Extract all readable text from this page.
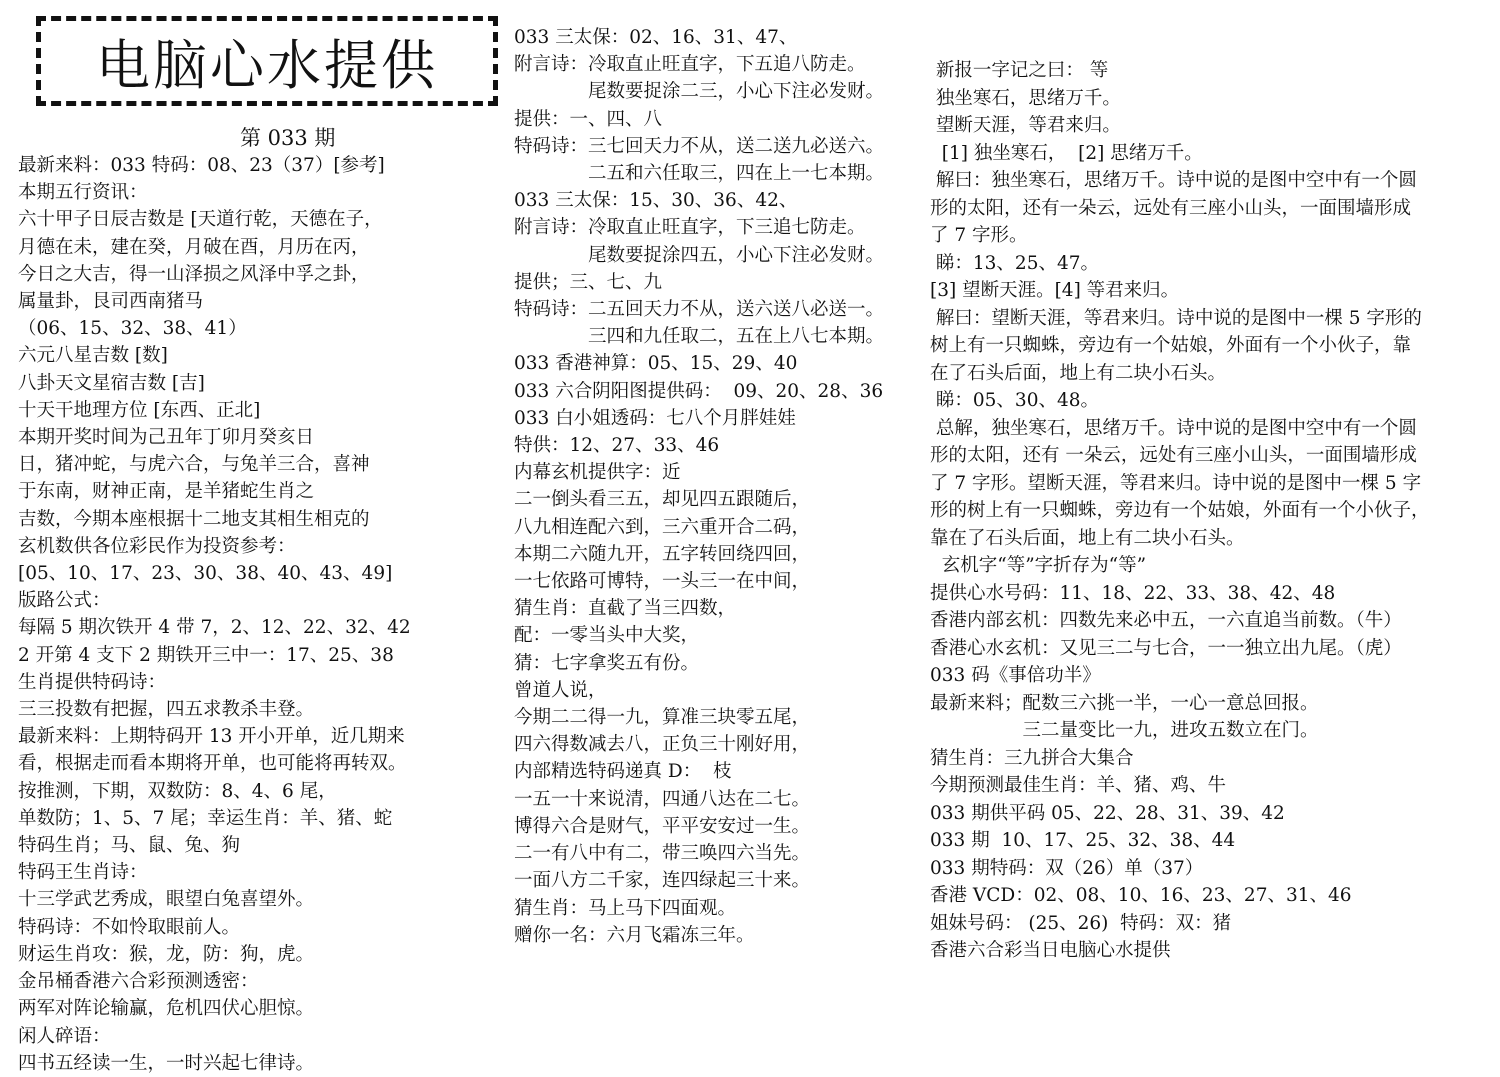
电脑心水提供
第 033 期
最新来料：033 特码：08、23（37）[参考]
本期五行资讯：
六十甲子日辰吉数是 [天道行乾，天德在子，
月德在未，建在癸，月破在酉，月历在丙，
今日之大吉，得一山泽损之风泽中孚之卦，
属量卦，艮司西南猪马
（06、15、32、38、41）
六元八星吉数 [数]
八卦天文星宿吉数 [吉]
十天干地理方位 [东西、正北]
本期开奖时间为己丑年丁卯月癸亥日
日，猪冲蛇，与虎六合，与兔羊三合，喜神
于东南，财神正南，是羊猪蛇生肖之
吉数，今期本座根据十二地支其相生相克的
玄机数供各位彩民作为投资参考：
[05、10、17、23、30、38、40、43、49]
版路公式：
每隔 5 期次铁开 4 带 7，2、12、22、32、42
2 开第 4 支下 2 期铁开三中一：17、25、38
生肖提供特码诗：
三三投数有把握，四五求教杀丰登。
最新来料：上期特码开 13 开小开单，近几期来
看，根据走而看本期将开单，也可能将再转双。
按推测，下期，双数防：8、4、6 尾，
单数防；1、5、7 尾；幸运生肖：羊、猪、蛇
特码生肖；马、鼠、兔、狗
特码王生肖诗：
十三学武艺秀成，眼望白兔喜望外。
特码诗：不如怜取眼前人。
财运生肖攻：猴，龙，防：狗，虎。
金吊桶香港六合彩预测透密：
两军对阵论输赢，危机四伏心胆惊。
闲人碎语：
四书五经读一生，一时兴起七律诗。
033 三太保：02、16、31、47、
附言诗：冷取直止旺直字，下五追八防走。
　　　　尾数要捉涂二三，小心下注必发财。
提供：一、四、八
特码诗：三七回天力不从，送二送九必送六。
　　　　二五和六任取三，四在上一七本期。
033 三太保：15、30、36、42、
附言诗：冷取直止旺直字，下三追七防走。
　　　　尾数要捉涂四五，小心下注必发财。
提供；三、七、九
特码诗：二五回天力不从，送六送八必送一。
　　　　三四和九任取二，五在上八七本期。
033 香港神算：05、15、29、40
033 六合阴阳图提供码：  09、20、28、36
033 白小姐透码：七八个月胖娃娃
特供：12、27、33、46
内幕玄机提供字：近
二一倒头看三五，却见四五跟随后，
八九相连配六到，三六重开合二码，
本期二六随九开，五字转回绕四回，
一七依路可博特，一头三一在中间，
猜生肖：直截了当三四数，
配：一零当头中大奖，
猜：七字拿奖五有份。
曾道人说，
今期二二得一九，算准三块零五尾，
四六得数减去八，正负三十刚好用，
内部精选特码递真 D：  枝
一五一十来说清，四通八达在二七。
博得六合是财气，平平安安过一生。
二一有八中有二，带三唤四六当先。
一面八方二千家，连四绿起三十来。
猜生肖：马上马下四面观。
赠你一名：六月飞霜冻三年。
新报一字记之曰： 等
独坐寒石，思绪万千。
望断天涯，等君来归。
[1] 独坐寒石，  [2] 思绪万千。
解曰：独坐寒石，思绪万千。诗中说的是图中空中有一个圆
形的太阳，还有一朵云，远处有三座小山头，一面围墙形成
了 7 字形。
睇：13、25、47。
[3] 望断天涯。[4] 等君来归。
解曰：望断天涯，等君来归。诗中说的是图中一棵 5 字形的
树上有一只蜘蛛，旁边有一个姑娘，外面有一个小伙子，靠
在了石头后面，地上有二块小石头。
睇：05、30、48。
总解，独坐寒石，思绪万千。诗中说的是图中空中有一个圆
形的太阳，还有 一朵云，远处有三座小山头，一面围墙形成
了 7 字形。望断天涯，等君来归。诗中说的是图中一棵 5 字
形的树上有一只蜘蛛，旁边有一个姑娘，外面有一个小伙子，
靠在了石头后面，地上有二块小石头。
玄机字“等”字折存为“等”
提供心水号码：11、18、22、33、38、42、48
香港内部玄机：四数先来必中五，一六直追当前数。（牛）
香港心水玄机：又见三二与七合，一一独立出九尾。（虎）
033 码《事倍功半》
最新来料；配数三六挑一半，一心一意总回报。
　　　　　三二量变比一九，进攻五数立在门。
猜生肖：三九拼合大集合
今期预测最佳生肖：羊、猪、鸡、牛
033 期供平码 05、22、28、31、39、42
033 期  10、17、25、32、38、44
033 期特码：双（26）单（37）
香港 VCD：02、08、10、16、23、27、31、46
姐妹号码： (25、26)  特码：双：猪
香港六合彩当日电脑心水提供
